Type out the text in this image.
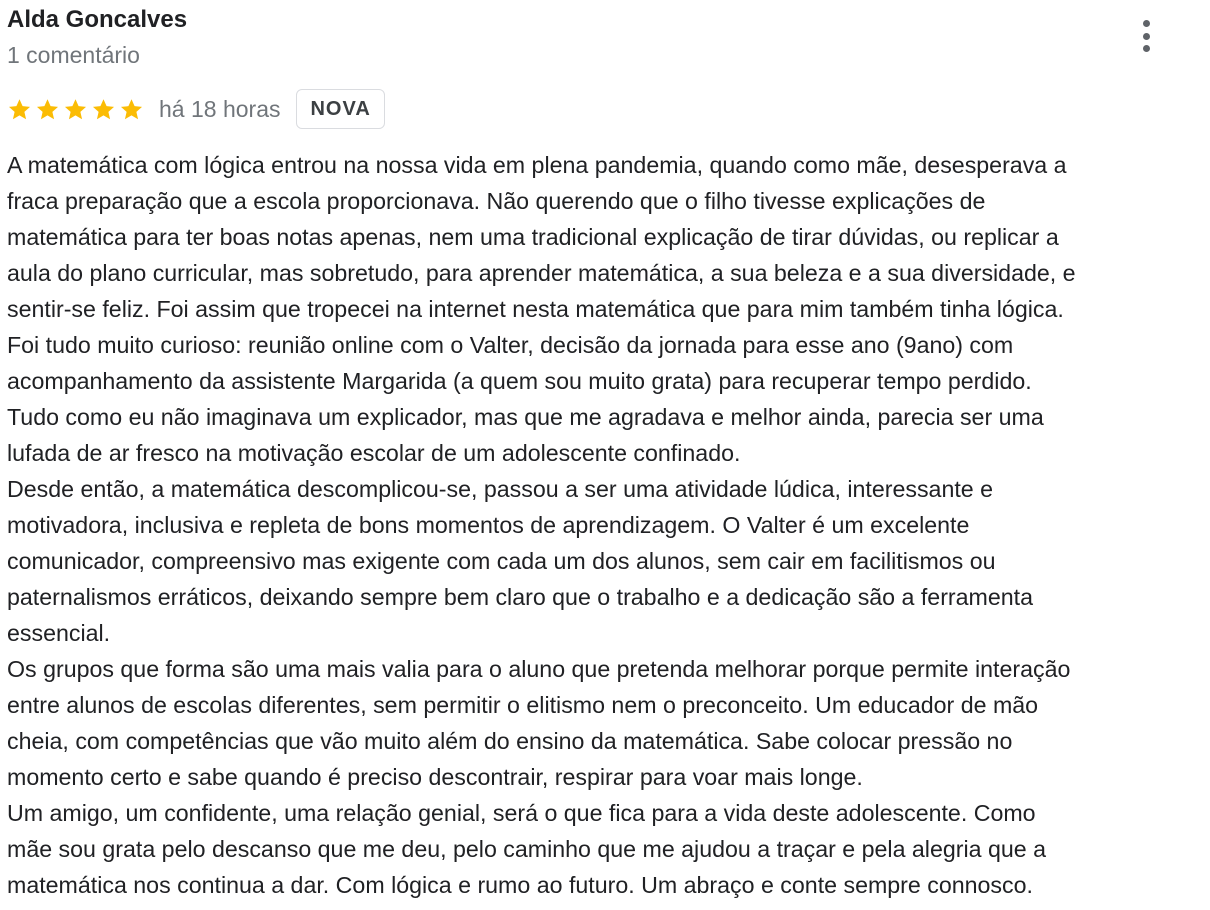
Alda Goncalves
1 comentário
há 18 horas	NOVA
A matemática com lógica entrou na nossa vida em plena pandemia, quando como mãe, desesperava a
fraca preparação que a escola proporcionava. Não querendo que o filho tivesse explicações de
matemática para ter boas notas apenas, nem uma tradicional explicação de tirar dúvidas, ou replicar a
aula do plano curricular, mas sobretudo, para aprender matemática, a sua beleza e a sua diversidade, e
sentir-se feliz. Foi assim que tropecei na internet nesta matemática que para mim também tinha lógica.
Foi tudo muito curioso: reunião online com o Valter, decisão da jornada para esse ano (9ano) com
acompanhamento da assistente Margarida (a quem sou muito grata) para recuperar tempo perdido.
Tudo como eu não imaginava um explicador, mas que me agradava e melhor ainda, parecia ser uma
lufada de ar fresco na motivação escolar de um adolescente confinado.
Desde então, a matemática descomplicou-se, passou a ser uma atividade lúdica, interessante e
motivadora, inclusiva e repleta de bons momentos de aprendizagem. O Valter é um excelente
comunicador, compreensivo mas exigente com cada um dos alunos, sem cair em facilitismos ou
paternalismos erráticos, deixando sempre bem claro que o trabalho e a dedicação são a ferramenta
essencial.
Os grupos que forma são uma mais valia para o aluno que pretenda melhorar porque permite interação
entre alunos de escolas diferentes, sem permitir o elitismo nem o preconceito. Um educador de mão
cheia, com competências que vão muito além do ensino da matemática. Sabe colocar pressão no
momento certo e sabe quando é preciso descontrair, respirar para voar mais longe.
Um amigo, um confidente, uma relação genial, será o que fica para a vida deste adolescente. Como
mãe sou grata pelo descanso que me deu, pelo caminho que me ajudou a traçar e pela alegria que a
matemática nos continua a dar. Com lógica e rumo ao futuro. Um abraço e conte sempre connosco.
